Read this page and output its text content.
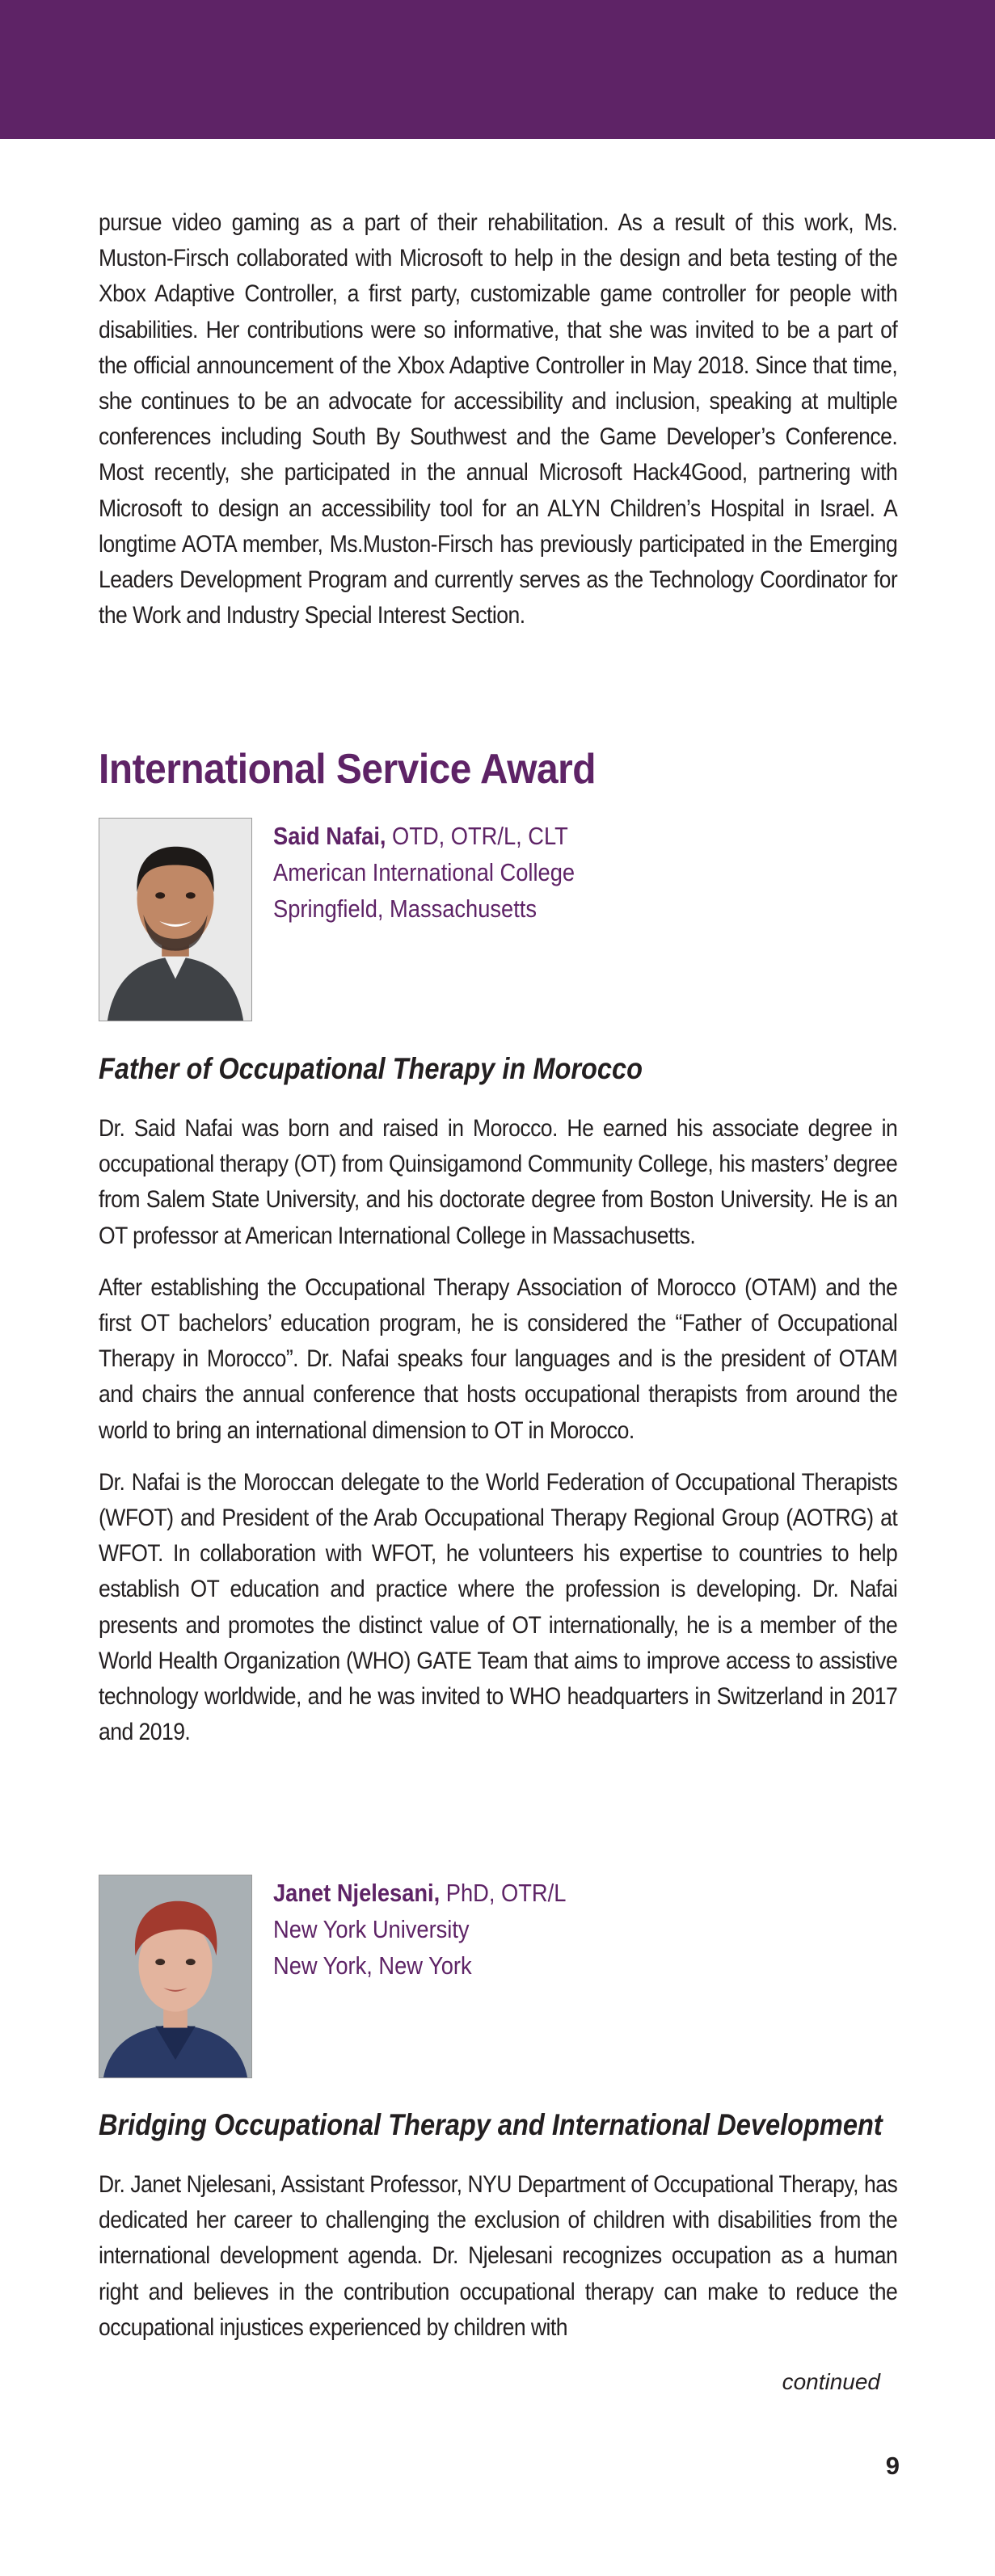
pursue video gaming as a part of their rehabilitation. As a result of this work, Ms. Muston-Firsch collaborated with Microsoft to help in the design and beta testing of the Xbox Adaptive Controller, a first party, customizable game controller for people with disabilities. Her contributions were so informative, that she was invited to be a part of the official announcement of the Xbox Adaptive Controller in May 2018. Since that time, she continues to be an advocate for accessibility and inclusion, speaking at multiple conferences including South By Southwest and the Game Developer’s Conference. Most recently, she participated in the annual Microsoft Hack4Good, partnering with Microsoft to design an accessibility tool for an ALYN Children’s Hospital in Israel. A longtime AOTA member, Ms.Muston-Firsch has previously participated in the Emerging Leaders Development Program and currently serves as the Technology Coordinator for the Work and Industry Special Interest Section.

International Service Award
Said Nafai, OTD, OTR/L, CLT
American International College
Springfield, Massachusetts
Father of Occupational Therapy in Morocco

Dr. Said Nafai was born and raised in Morocco. He earned his associate degree in occupational therapy (OT) from Quinsigamond Community College, his masters’ degree from Salem State University, and his doctorate degree from Boston University. He is an OT professor at American International College in Massachusetts.

After establishing the Occupational Therapy Association of Morocco (OTAM) and the first OT bachelors’ education program, he is considered the “Father of Occupational Therapy in Morocco”. Dr. Nafai speaks four languages and is the president of OTAM and chairs the annual conference that hosts occupational therapists from around the world to bring an international dimension to OT in Morocco.

Dr. Nafai is the Moroccan delegate to the World Federation of Occupational Therapists (WFOT) and President of the Arab Occupational Therapy Regional Group (AOTRG) at WFOT. In collaboration with WFOT, he volunteers his expertise to countries to help establish OT education and practice where the profession is developing. Dr. Nafai presents and promotes the distinct value of OT internationally, he is a member of the World Health Organization (WHO) GATE Team that aims to improve access to assistive technology worldwide, and he was invited to WHO headquarters in Switzerland in 2017 and 2019.

Janet Njelesani, PhD, OTR/L
New York University
New York, New York
Bridging Occupational Therapy and International Development

Dr. Janet Njelesani, Assistant Professor, NYU Department of Occupational Therapy, has dedicated her career to challenging the exclusion of children with disabilities from the international development agenda. Dr. Njelesani recognizes occupation as a human right and believes in the contribution occupational therapy can make to reduce the occupational injustices experienced by children with

continued
9
